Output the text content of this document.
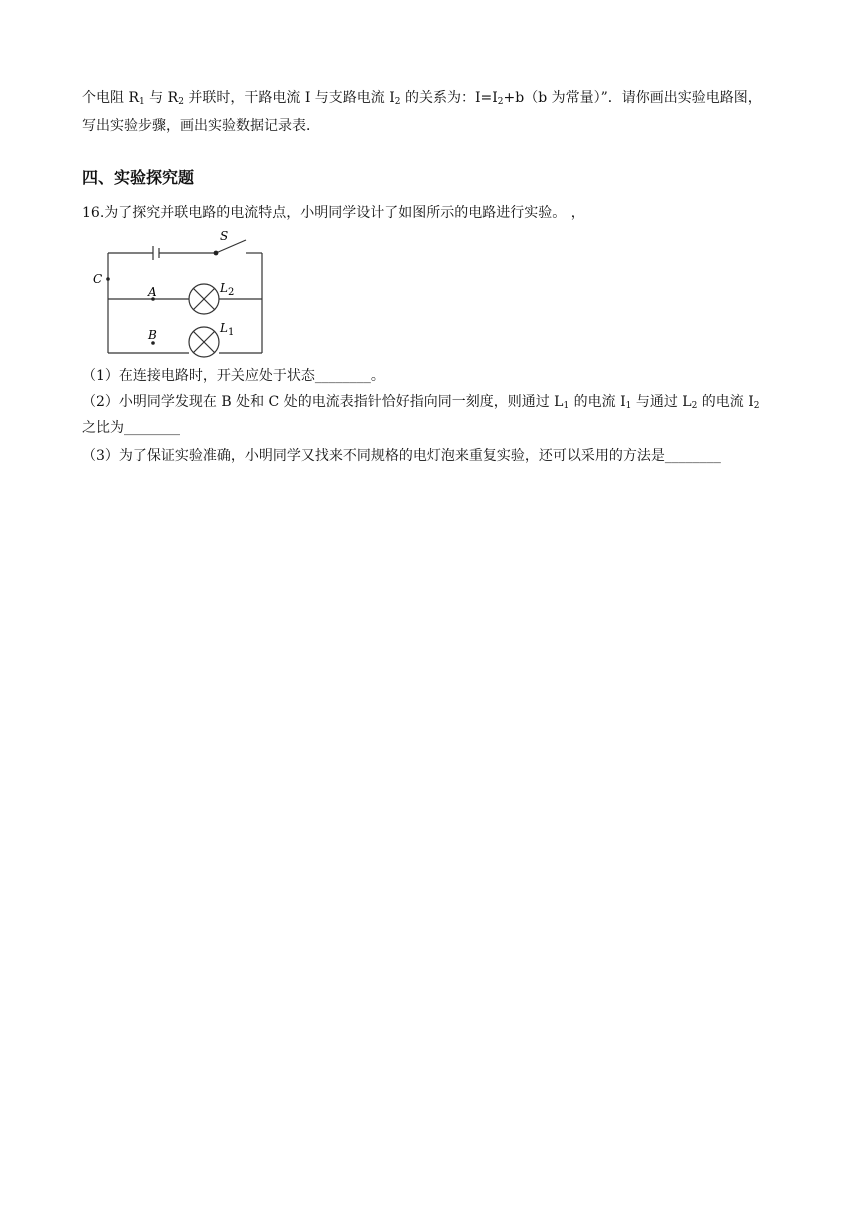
个电阻 $R_1$ 与 $R_2$ 并联时，干路电流 I 与支路电流 $I_2$ 的关系为：$I=I_2+b(b$ 为常量）”．请你画出实验电路图，
写出实验步骤，画出实验数据记录表．
四、实验探究题
16.为了探究并联电路的电流特点，小明同学设计了如图所示的电路进行实验。 ，
S
C
A
B
$L_2$
$L_1$
（1）在连接电路时，开关应处于状态________。
（2）小明同学发现在 B 处和 C 处的电流表指针恰好指向同一刻度，则通过 $L_1$ 的电流 $I_1$ 与通过 $L_2$ 的电流 $I_2$
之比为________
（3）为了保证实验准确，小明同学又找来不同规格的电灯泡来重复实验，还可以采用的方法是________
